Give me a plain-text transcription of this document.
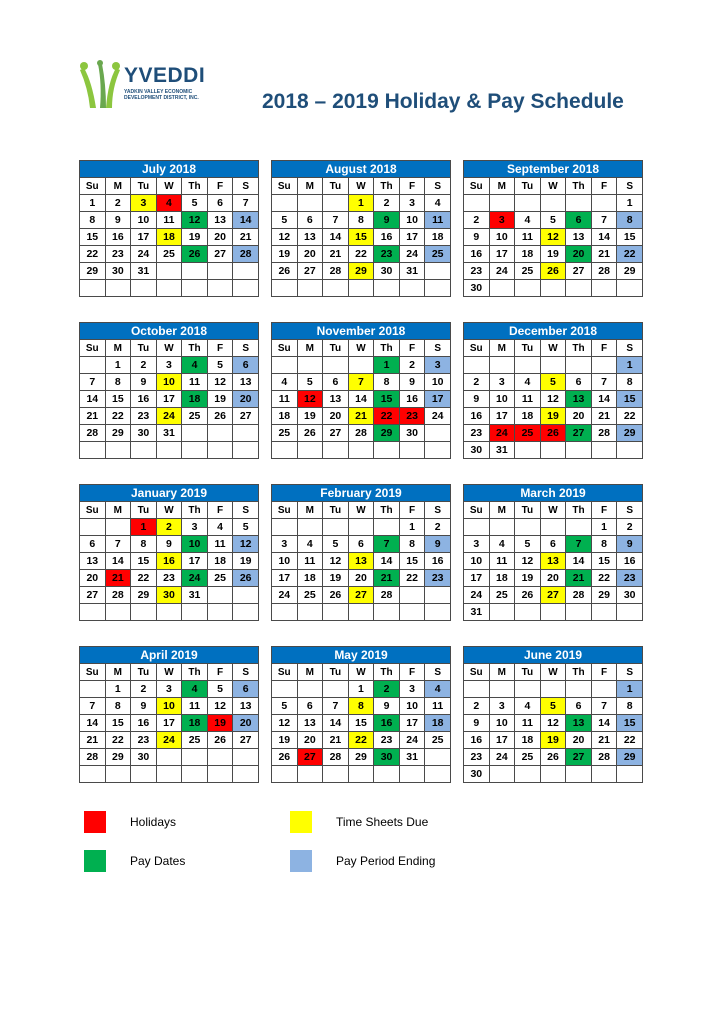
YVEDDI
YADKIN VALLEY ECONOMIC DEVELOPMENT DISTRICT, INC.	2018 – 2019 Holiday & Pay Schedule
July 2018						
Su	M	Tu	W	Th	F	S
1	2	3	4	5	6	7
8	9	10	11	12	13	14
15	16	17	18	19	20	21
22	23	24	25	26	27	28
29	30	31				

August 2018						
Su	M	Tu	W	Th	F	S
			1	2	3	4
5	6	7	8	9	10	11
12	13	14	15	16	17	18
19	20	21	22	23	24	25
26	27	28	29	30	31	

September 2018						
Su	M	Tu	W	Th	F	S
						1
2	3	4	5	6	7	8
9	10	11	12	13	14	15
16	17	18	19	20	21	22
23	24	25	26	27	28	29
30						
October 2018						
Su	M	Tu	W	Th	F	S
	1	2	3	4	5	6
7	8	9	10	11	12	13
14	15	16	17	18	19	20
21	22	23	24	25	26	27
28	29	30	31			

November 2018						
Su	M	Tu	W	Th	F	S
				1	2	3
4	5	6	7	8	9	10
11	12	13	14	15	16	17
18	19	20	21	22	23	24
25	26	27	28	29	30	

December 2018						
Su	M	Tu	W	Th	F	S
						1
2	3	4	5	6	7	8
9	10	11	12	13	14	15
16	17	18	19	20	21	22
23	24	25	26	27	28	29
30	31					
January 2019						
Su	M	Tu	W	Th	F	S
		1	2	3	4	5
6	7	8	9	10	11	12
13	14	15	16	17	18	19
20	21	22	23	24	25	26
27	28	29	30	31		

February 2019						
Su	M	Tu	W	Th	F	S
					1	2
3	4	5	6	7	8	9
10	11	12	13	14	15	16
17	18	19	20	21	22	23
24	25	26	27	28		

March 2019						
Su	M	Tu	W	Th	F	S
					1	2
3	4	5	6	7	8	9
10	11	12	13	14	15	16
17	18	19	20	21	22	23
24	25	26	27	28	29	30
31						
April 2019						
Su	M	Tu	W	Th	F	S
	1	2	3	4	5	6
7	8	9	10	11	12	13
14	15	16	17	18	19	20
21	22	23	24	25	26	27
28	29	30				

May 2019						
Su	M	Tu	W	Th	F	S
			1	2	3	4
5	6	7	8	9	10	11
12	13	14	15	16	17	18
19	20	21	22	23	24	25
26	27	28	29	30	31	

June 2019						
Su	M	Tu	W	Th	F	S
						1
2	3	4	5	6	7	8
9	10	11	12	13	14	15
16	17	18	19	20	21	22
23	24	25	26	27	28	29
30						
Holidays	Time Sheets Due
Pay Dates	Pay Period Ending
